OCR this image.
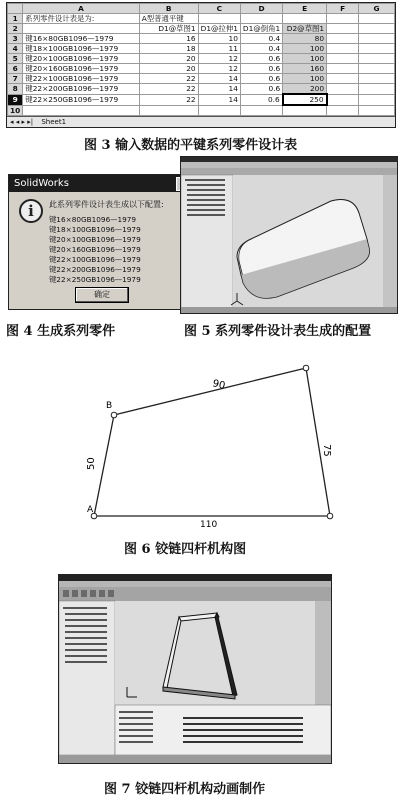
	A	B	C	D	E	F	G
1	系列零件设计表是为:	A型普通平键					
2		D1@草图1	D1@拉伸1	D1@倒角1	D2@草图1		
3	键16×80GB1096—1979	16	10	0.4	80		
4	键18×100GB1096—1979	18	11	0.4	100		
5	键20×100GB1096—1979	20	12	0.6	100		
6	键20×160GB1096—1979	20	12	0.6	160		
7	键22×100GB1096—1979	22	14	0.6	100		
8	键22×200GB1096—1979	22	14	0.6	200		
9	键22×250GB1096—1979	22	14	0.6	250		
10							
◂ ◂ ▸ ▸| Sheet1
图 3 输入数据的平键系列零件设计表
SolidWorks
i	此系列零件设计表生成以下配置:
键16×80GB1096—1979
键18×100GB1096—1979
键20×100GB1096—1979
键20×160GB1096—1979
键22×100GB1096—1979
键22×200GB1096—1979
键22×250GB1096—1979
确定
图 4 生成系列零件	图 5 系列零件设计表生成的配置
B
A
90
75
50
110
图 6 铰链四杆机构图
图 7 铰链四杆机构动画制作
